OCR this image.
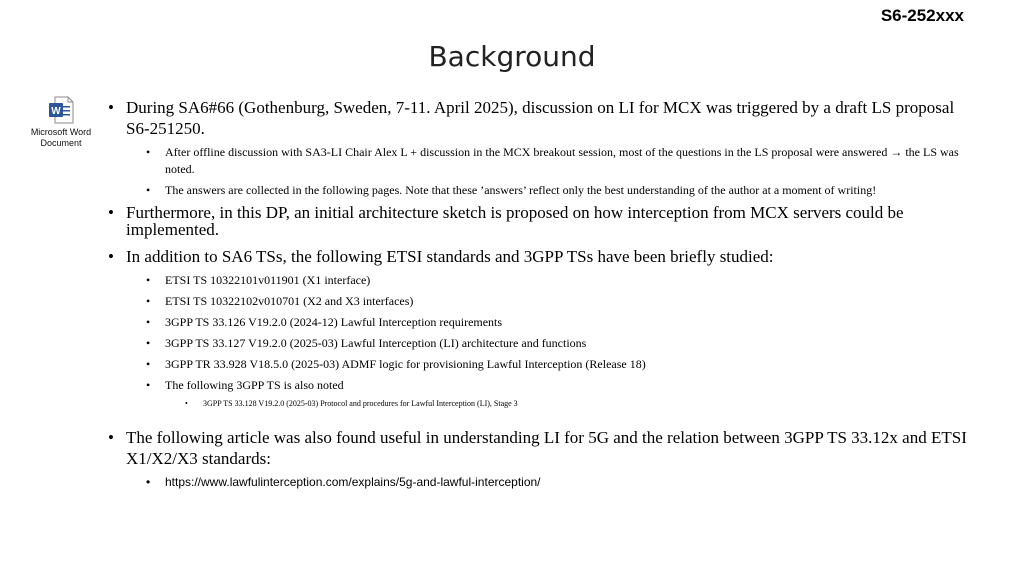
S6-252xxx
Background
W
Microsoft Word
Document
• During SA6#66 (Gothenburg, Sweden, 7-11. April 2025), discussion on LI for MCX was triggered by a draft LS proposal S6-251250.
• After offline discussion with SA3-LI Chair Alex L + discussion in the MCX breakout session, most of the questions in the LS proposal were answered → the LS was noted.
• The answers are collected in the following pages. Note that these ’answers’ reflect only the best understanding of the author at a moment of writing!
• Furthermore, in this DP, an initial architecture sketch is proposed on how interception from MCX servers could be implemented.
• In addition to SA6 TSs, the following ETSI standards and 3GPP TSs have been briefly studied:
• ETSI TS 10322101v011901 (X1 interface)
• ETSI TS 10322102v010701 (X2 and X3 interfaces)
• 3GPP TS 33.126 V19.2.0 (2024-12) Lawful Interception requirements
• 3GPP TS 33.127 V19.2.0 (2025-03) Lawful Interception (LI) architecture and functions
• 3GPP TR 33.928 V18.5.0 (2025-03) ADMF logic for provisioning Lawful Interception (Release 18)
• The following 3GPP TS is also noted
• 3GPP TS 33.128 V19.2.0 (2025-03) Protocol and procedures for Lawful Interception (LI), Stage 3
• The following article was also found useful in understanding LI for 5G and the relation between 3GPP TS 33.12x and ETSI X1/X2/X3 standards:
• https://www.lawfulinterception.com/explains/5g-and-lawful-interception/
